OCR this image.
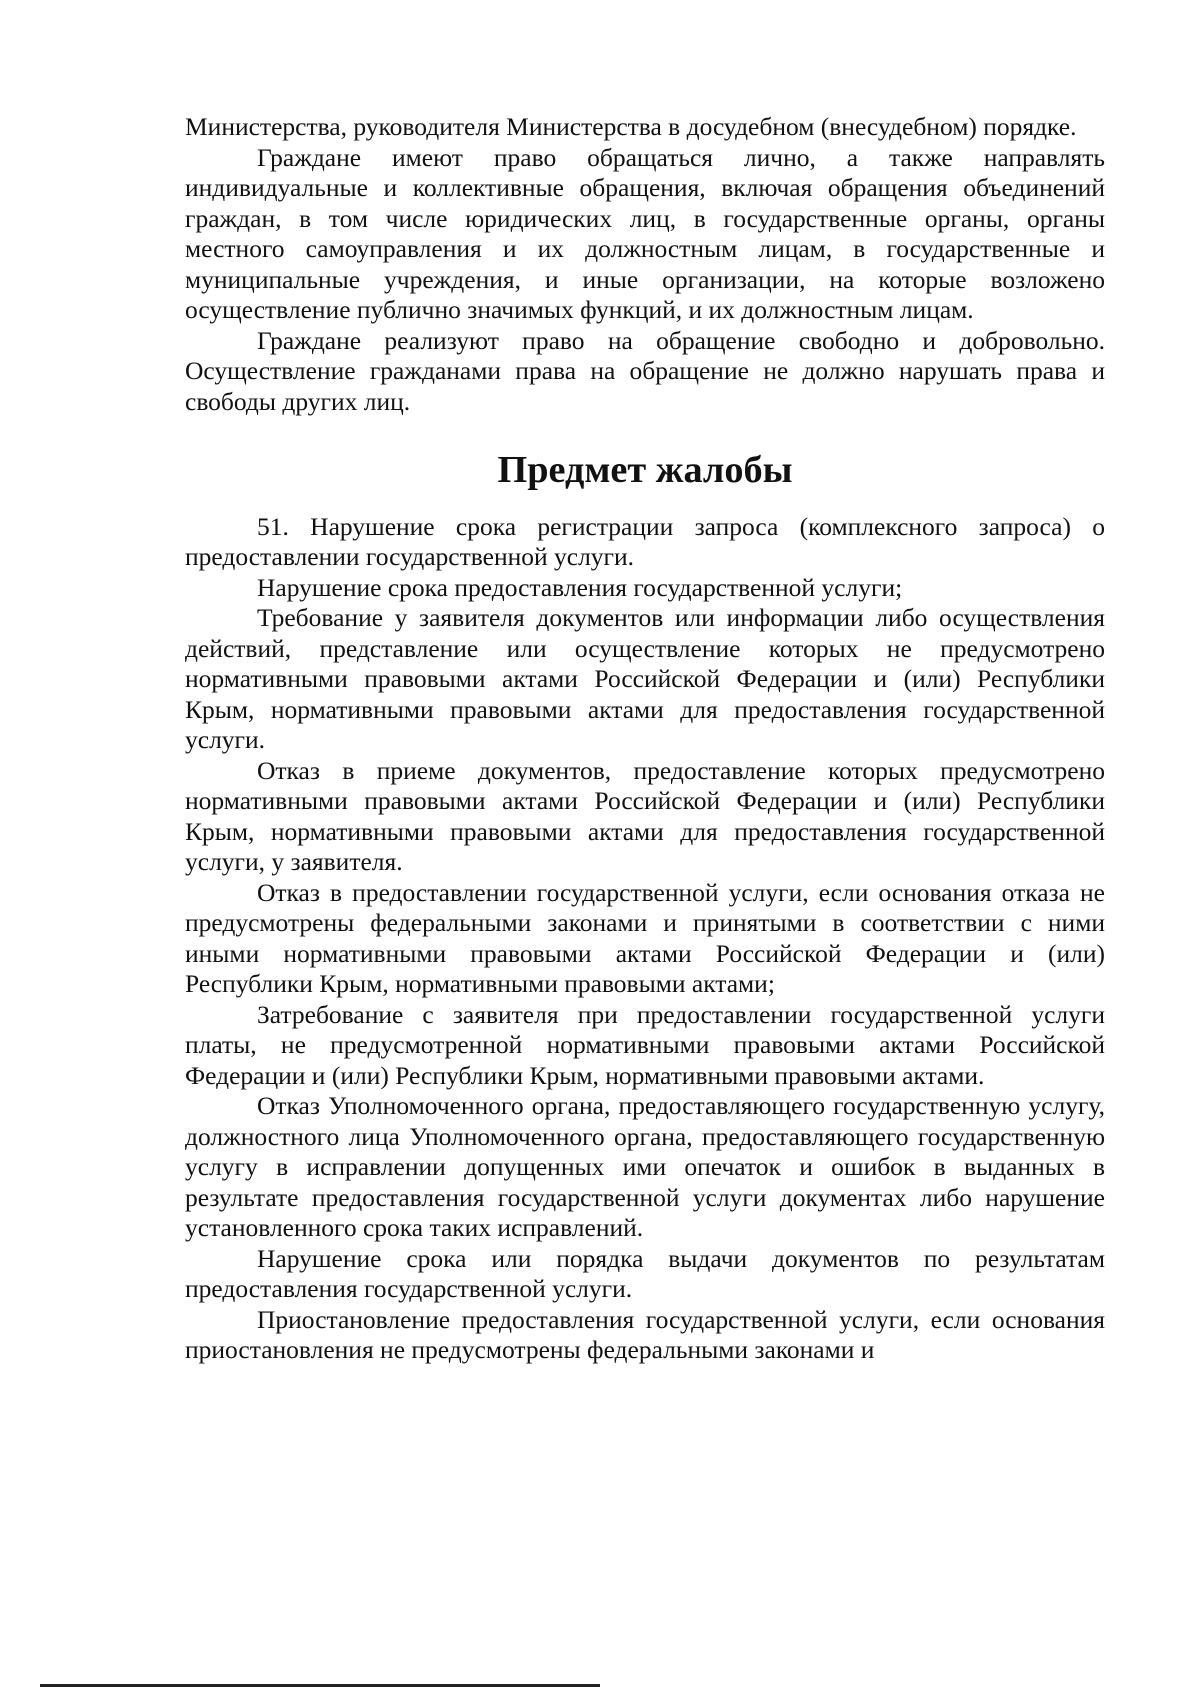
Министерства, руководителя Министерства в досудебном (внесудебном) порядке.

Граждане имеют право обращаться лично, а также направлять индивидуальные и коллективные обращения, включая обращения объединений граждан, в том числе юридических лиц, в государственные органы, органы местного самоуправления и их должностным лицам, в государственные и муниципальные учреждения, и иные организации, на которые возложено осуществление публично значимых функций, и их должностным лицам.

Граждане реализуют право на обращение свободно и добровольно. Осуществление гражданами права на обращение не должно нарушать права и свободы других лиц.

Предмет жалобы

51. Нарушение срока регистрации запроса (комплексного запроса) о предоставлении государственной услуги.

Нарушение срока предоставления государственной услуги;

Требование у заявителя документов или информации либо осуществления действий, представление или осуществление которых не предусмотрено нормативными правовыми актами Российской Федерации и (или) Республики Крым, нормативными правовыми актами для предоставления государственной услуги.

Отказ в приеме документов, предоставление которых предусмотрено нормативными правовыми актами Российской Федерации и (или) Республики Крым, нормативными правовыми актами для предоставления государственной услуги, у заявителя.

Отказ в предоставлении государственной услуги, если основания отказа не предусмотрены федеральными законами и принятыми в соответствии с ними иными нормативными правовыми актами Российской Федерации и (или) Республики Крым, нормативными правовыми актами;

Затребование с заявителя при предоставлении государственной услуги платы, не предусмотренной нормативными правовыми актами Российской Федерации и (или) Республики Крым, нормативными правовыми актами.

Отказ Уполномоченного органа, предоставляющего государственную услугу, должностного лица Уполномоченного органа, предоставляющего государственную услугу в исправлении допущенных ими опечаток и ошибок в выданных в результате предоставления государственной услуги документах либо нарушение установленного срока таких исправлений.

Нарушение срока или порядка выдачи документов по результатам предоставления государственной услуги.

Приостановление предоставления государственной услуги, если основания приостановления не предусмотрены федеральными законами и
